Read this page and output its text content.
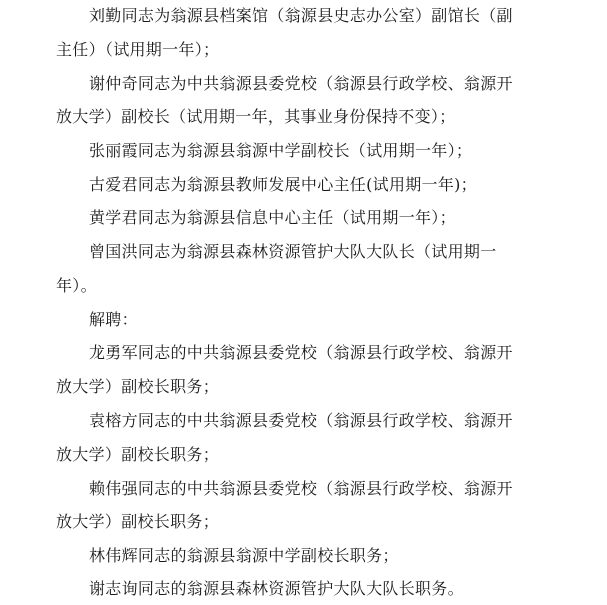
刘勤同志为翁源县档案馆（翁源县史志办公室）副馆长（副
主任）（试用期一年）；
谢仲奇同志为中共翁源县委党校（翁源县行政学校、翁源开
放大学）副校长（试用期一年，其事业身份保持不变）；
张丽霞同志为翁源县翁源中学副校长（试用期一年）；
古爱君同志为翁源县教师发展中心主任(试用期一年)；
黄学君同志为翁源县信息中心主任（试用期一年）；
曾国洪同志为翁源县森林资源管护大队大队长（试用期一
年）。
解聘：
龙勇军同志的中共翁源县委党校（翁源县行政学校、翁源开
放大学）副校长职务；
袁榕方同志的中共翁源县委党校（翁源县行政学校、翁源开
放大学）副校长职务；
赖伟强同志的中共翁源县委党校（翁源县行政学校、翁源开
放大学）副校长职务；
林伟辉同志的翁源县翁源中学副校长职务；
谢志询同志的翁源县森林资源管护大队大队长职务。
